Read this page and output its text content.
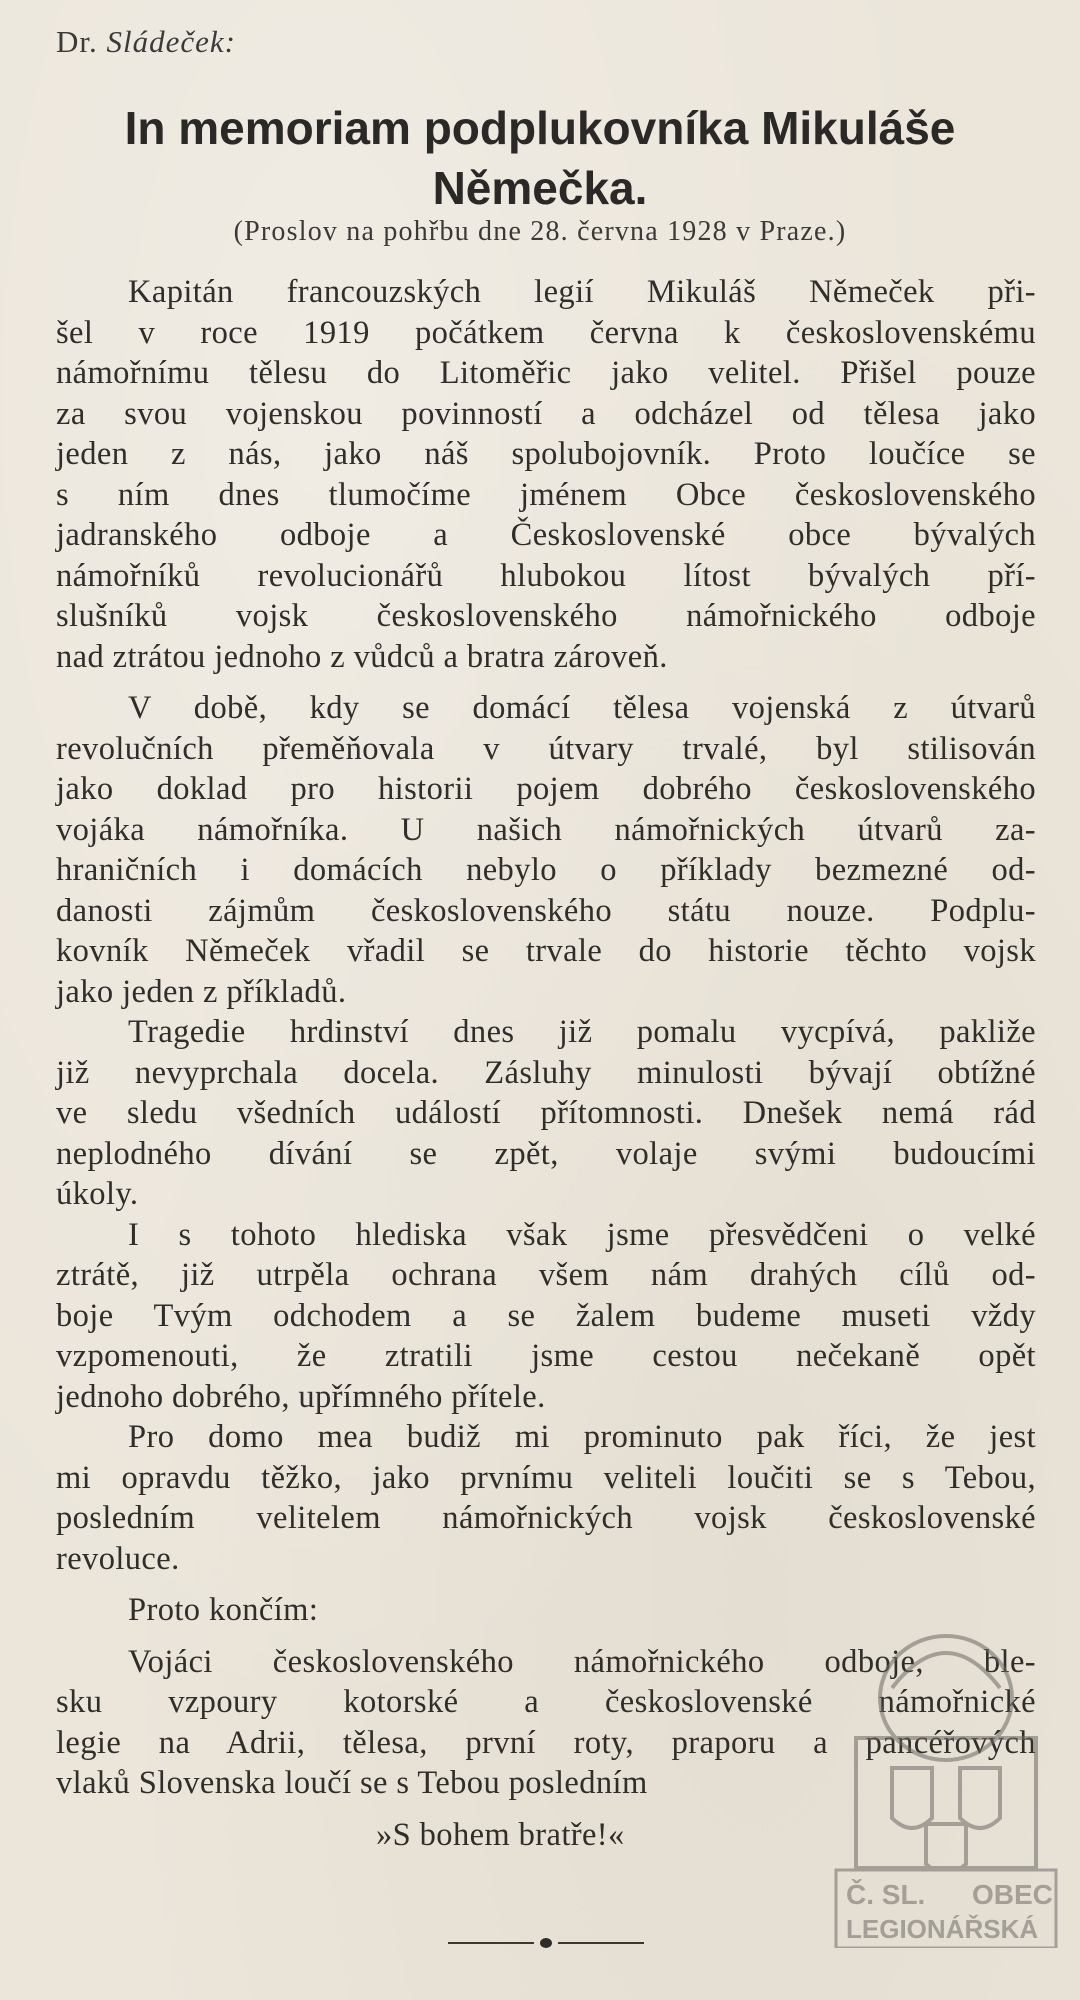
Dr. Sládeček:
In memoriam podplukovníka Mikuláše
Němečka.
(Proslov na pohřbu dne 28. června 1928 v Praze.)
Kapitán francouzských legií Mikuláš Němeček při-
šel v roce 1919 počátkem června k československému
námořnímu tělesu do Litoměřic jako velitel. Přišel pouze
za svou vojenskou povinností a odcházel od tělesa jako
jeden z nás, jako náš spolubojovník. Proto loučíce se
s ním dnes tlumočíme jménem Obce československého
jadranského odboje a Československé obce bývalých
námořníků revolucionářů hlubokou lítost bývalých pří-
slušníků vojsk československého námořnického odboje
nad ztrátou jednoho z vůdců a bratra zároveň.
V době, kdy se domácí tělesa vojenská z útvarů
revolučních přeměňovala v útvary trvalé, byl stilisován
jako doklad pro historii pojem dobrého československého
vojáka námořníka. U našich námořnických útvarů za-
hraničních i domácích nebylo o příklady bezmezné od-
danosti zájmům československého státu nouze. Podplu-
kovník Němeček vřadil se trvale do historie těchto vojsk
jako jeden z příkladů.
Tragedie hrdinství dnes již pomalu vycpívá, pakliže
již nevyprchala docela. Zásluhy minulosti bývají obtížné
ve sledu všedních událostí přítomnosti. Dnešek nemá rád
neplodného dívání se zpět, volaje svými budoucími
úkoly.
I s tohoto hlediska však jsme přesvědčeni o velké
ztrátě, již utrpěla ochrana všem nám drahých cílů od-
boje Tvým odchodem a se žalem budeme museti vždy
vzpomenouti, že ztratili jsme cestou nečekaně opět
jednoho dobrého, upřímného přítele.
Pro domo mea budiž mi prominuto pak říci, že jest
mi opravdu těžko, jako prvnímu veliteli loučiti se s Tebou,
posledním velitelem námořnických vojsk československé
revoluce.
Proto končím:
Vojáci československého námořnického odboje, ble-
sku vzpoury kotorské a československé námořnické
legie na Adrii, tělesa, první roty, praporu a pancéřových
vlaků Slovenska loučí se s Tebou posledním
»S bohem bratře!«
Č. SL. OBEC
LEGIONÁŘSKÁ
